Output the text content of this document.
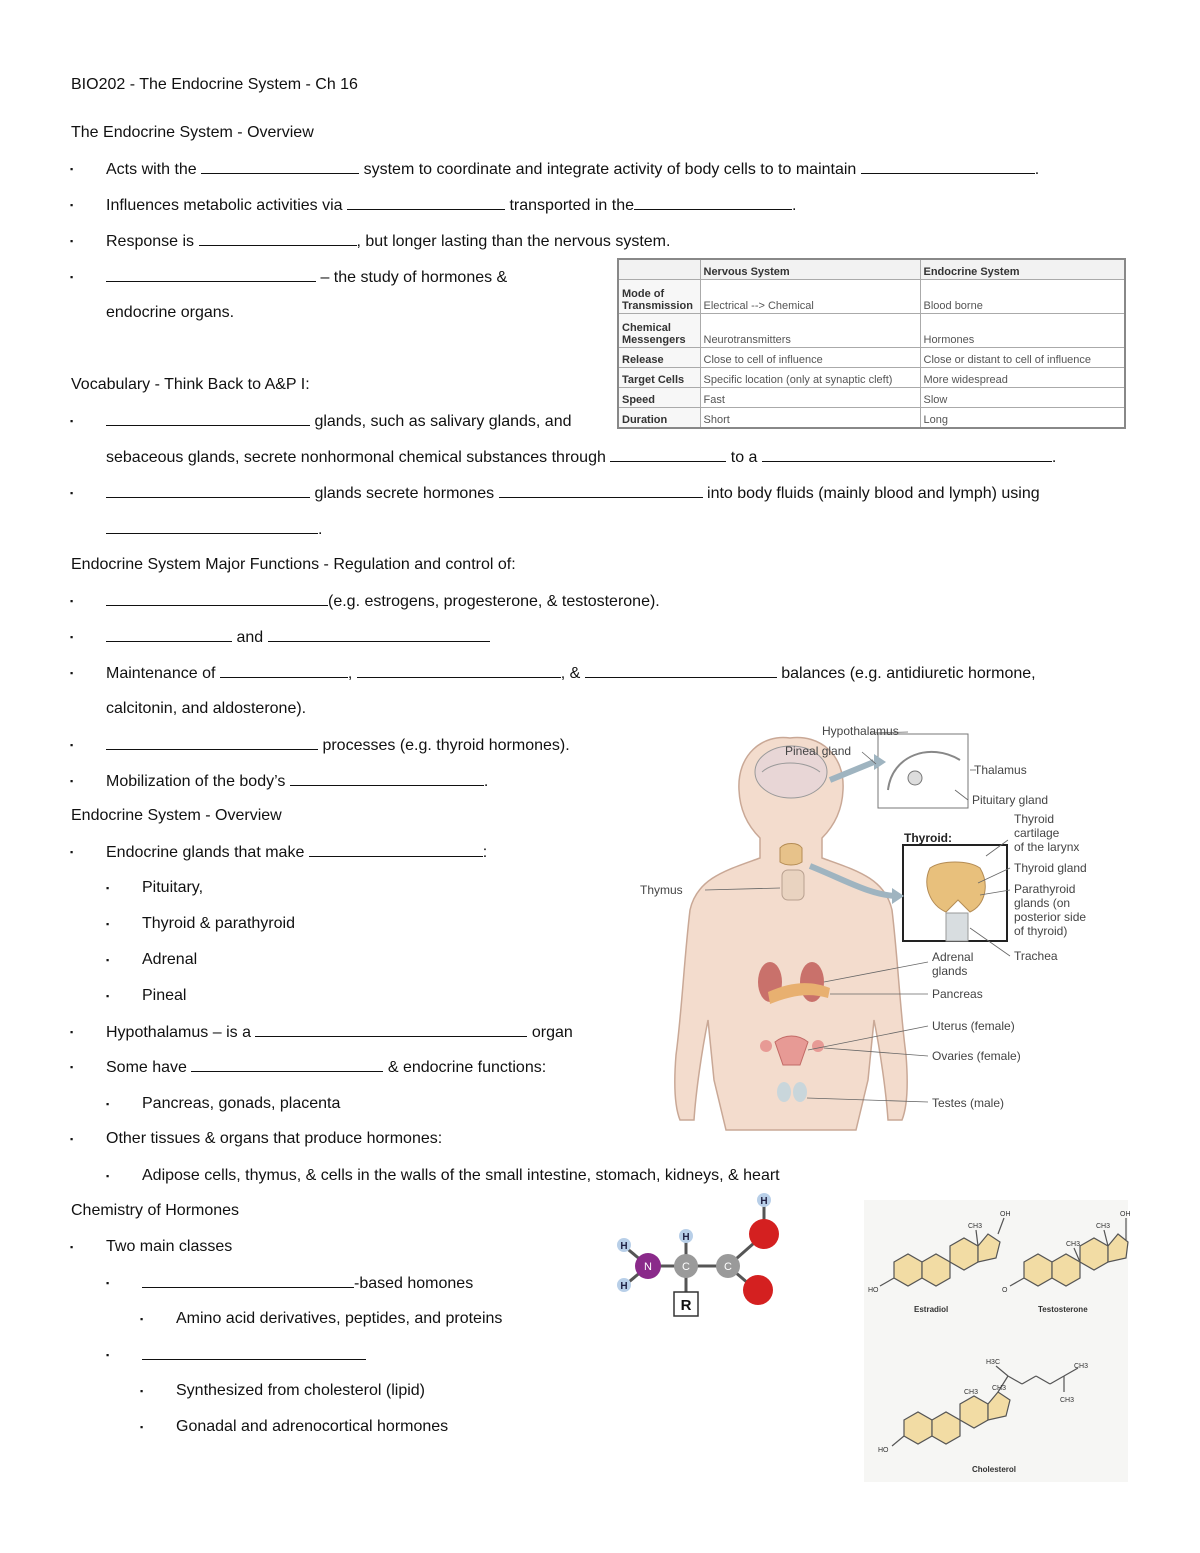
BIO202 - The Endocrine System - Ch 16
The Endocrine System - Overview
▪ Acts with the	system to coordinate and integrate activity of body cells to to maintain	.
▪ Influences metabolic activities via	transported in the	.
▪ Response is	, but longer lasting than the nervous system.
▪ – the study of hormones &
endocrine organs.
	Nervous System	Endocrine System
Mode of Transmission	Electrical --> Chemical	Blood borne
Chemical Messengers	Neurotransmitters	Hormones
Release	Close to cell of influence	Close or distant to cell of influence
Target Cells	Specific location (only at synaptic cleft)	More widespread
Speed	Fast	Slow
Duration	Short	Long
Vocabulary - Think Back to A&P I:
▪ glands, such as salivary glands, and
sebaceous glands, secrete nonhormonal chemical substances through	to a	.
▪ glands secrete hormones	into body fluids (mainly blood and lymph) using
.
Endocrine System Major Functions - Regulation and control of:
▪ (e.g. estrogens, progesterone, & testosterone).
▪ and
▪ Maintenance of	,	, &	balances (e.g. antidiuretic hormone,
calcitonin, and aldosterone).
▪ processes (e.g. thyroid hormones).
▪ Mobilization of the body’s	.
Endocrine System - Overview
▪ Endocrine glands that make	:
▪ Pituitary,
▪ Thyroid & parathyroid
▪ Adrenal
▪ Pineal
▪ Hypothalamus – is a	organ
▪ Some have	& endocrine functions:
▪ Pancreas, gonads, placenta
▪ Other tissues & organs that produce hormones:
▪ Adipose cells, thymus, & cells in the walls of the small intestine, stomach, kidneys, & heart
Chemistry of Hormones
▪ Two main classes
▪ -based homones
▪ Amino acid derivatives, peptides, and proteins
▪
▪ Synthesized from cholesterol (lipid)
▪ Gonadal and adrenocortical hormones
Hypothalamus
Pineal gland
Thalamus
Pituitary gland
Thyroid:
Thyroid
cartilage
of the larynx
Thyroid gland
Parathyroid
glands (on
posterior side
of thyroid)
Trachea
Thymus
Adrenal
glands
Pancreas
Uterus (female)
Ovaries (female)
Testes (male)
N	C	C
H
H
H
H
R
OH
CH3
HO
OH
CH3
CH3
O
H3C
CH3
CH3
CH3
CH3
HO
Estradiol	Testosterone
Cholesterol
